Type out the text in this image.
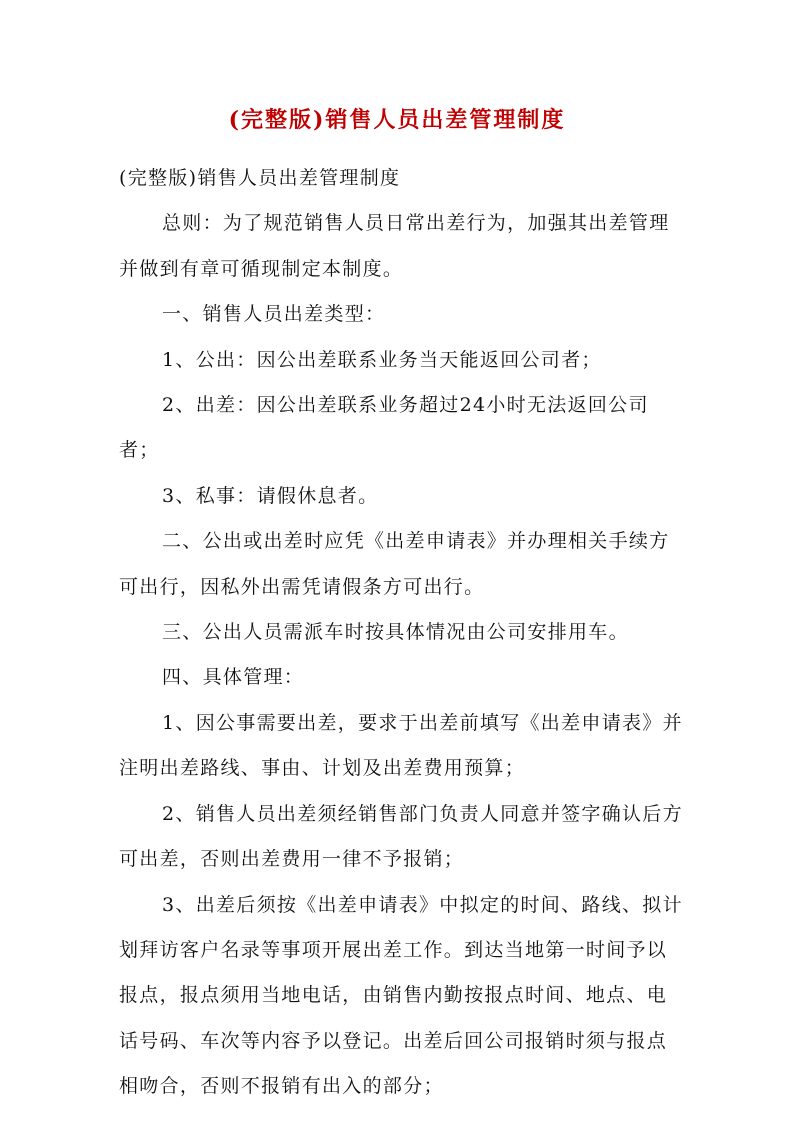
(完整版)销售人员出差管理制度

(完整版)销售人员出差管理制度

总则：为了规范销售人员日常出差行为，加强其出差管理并做到有章可循现制定本制度。

一、销售人员出差类型：

1、公出：因公出差联系业务当天能返回公司者；

2、出差：因公出差联系业务超过24小时无法返回公司者；

3、私事：请假休息者。

二、公出或出差时应凭《出差申请表》并办理相关手续方可出行，因私外出需凭请假条方可出行。

三、公出人员需派车时按具体情况由公司安排用车。

四、具体管理：

1、因公事需要出差，要求于出差前填写《出差申请表》并注明出差路线、事由、计划及出差费用预算；

2、销售人员出差须经销售部门负责人同意并签字确认后方可出差，否则出差费用一律不予报销；

3、出差后须按《出差申请表》中拟定的时间、路线、拟计划拜访客户名录等事项开展出差工作。到达当地第一时间予以报点，报点须用当地电话，由销售内勤按报点时间、地点、电话号码、车次等内容予以登记。出差后回公司报销时须与报点相吻合，否则不报销有出入的部分；
